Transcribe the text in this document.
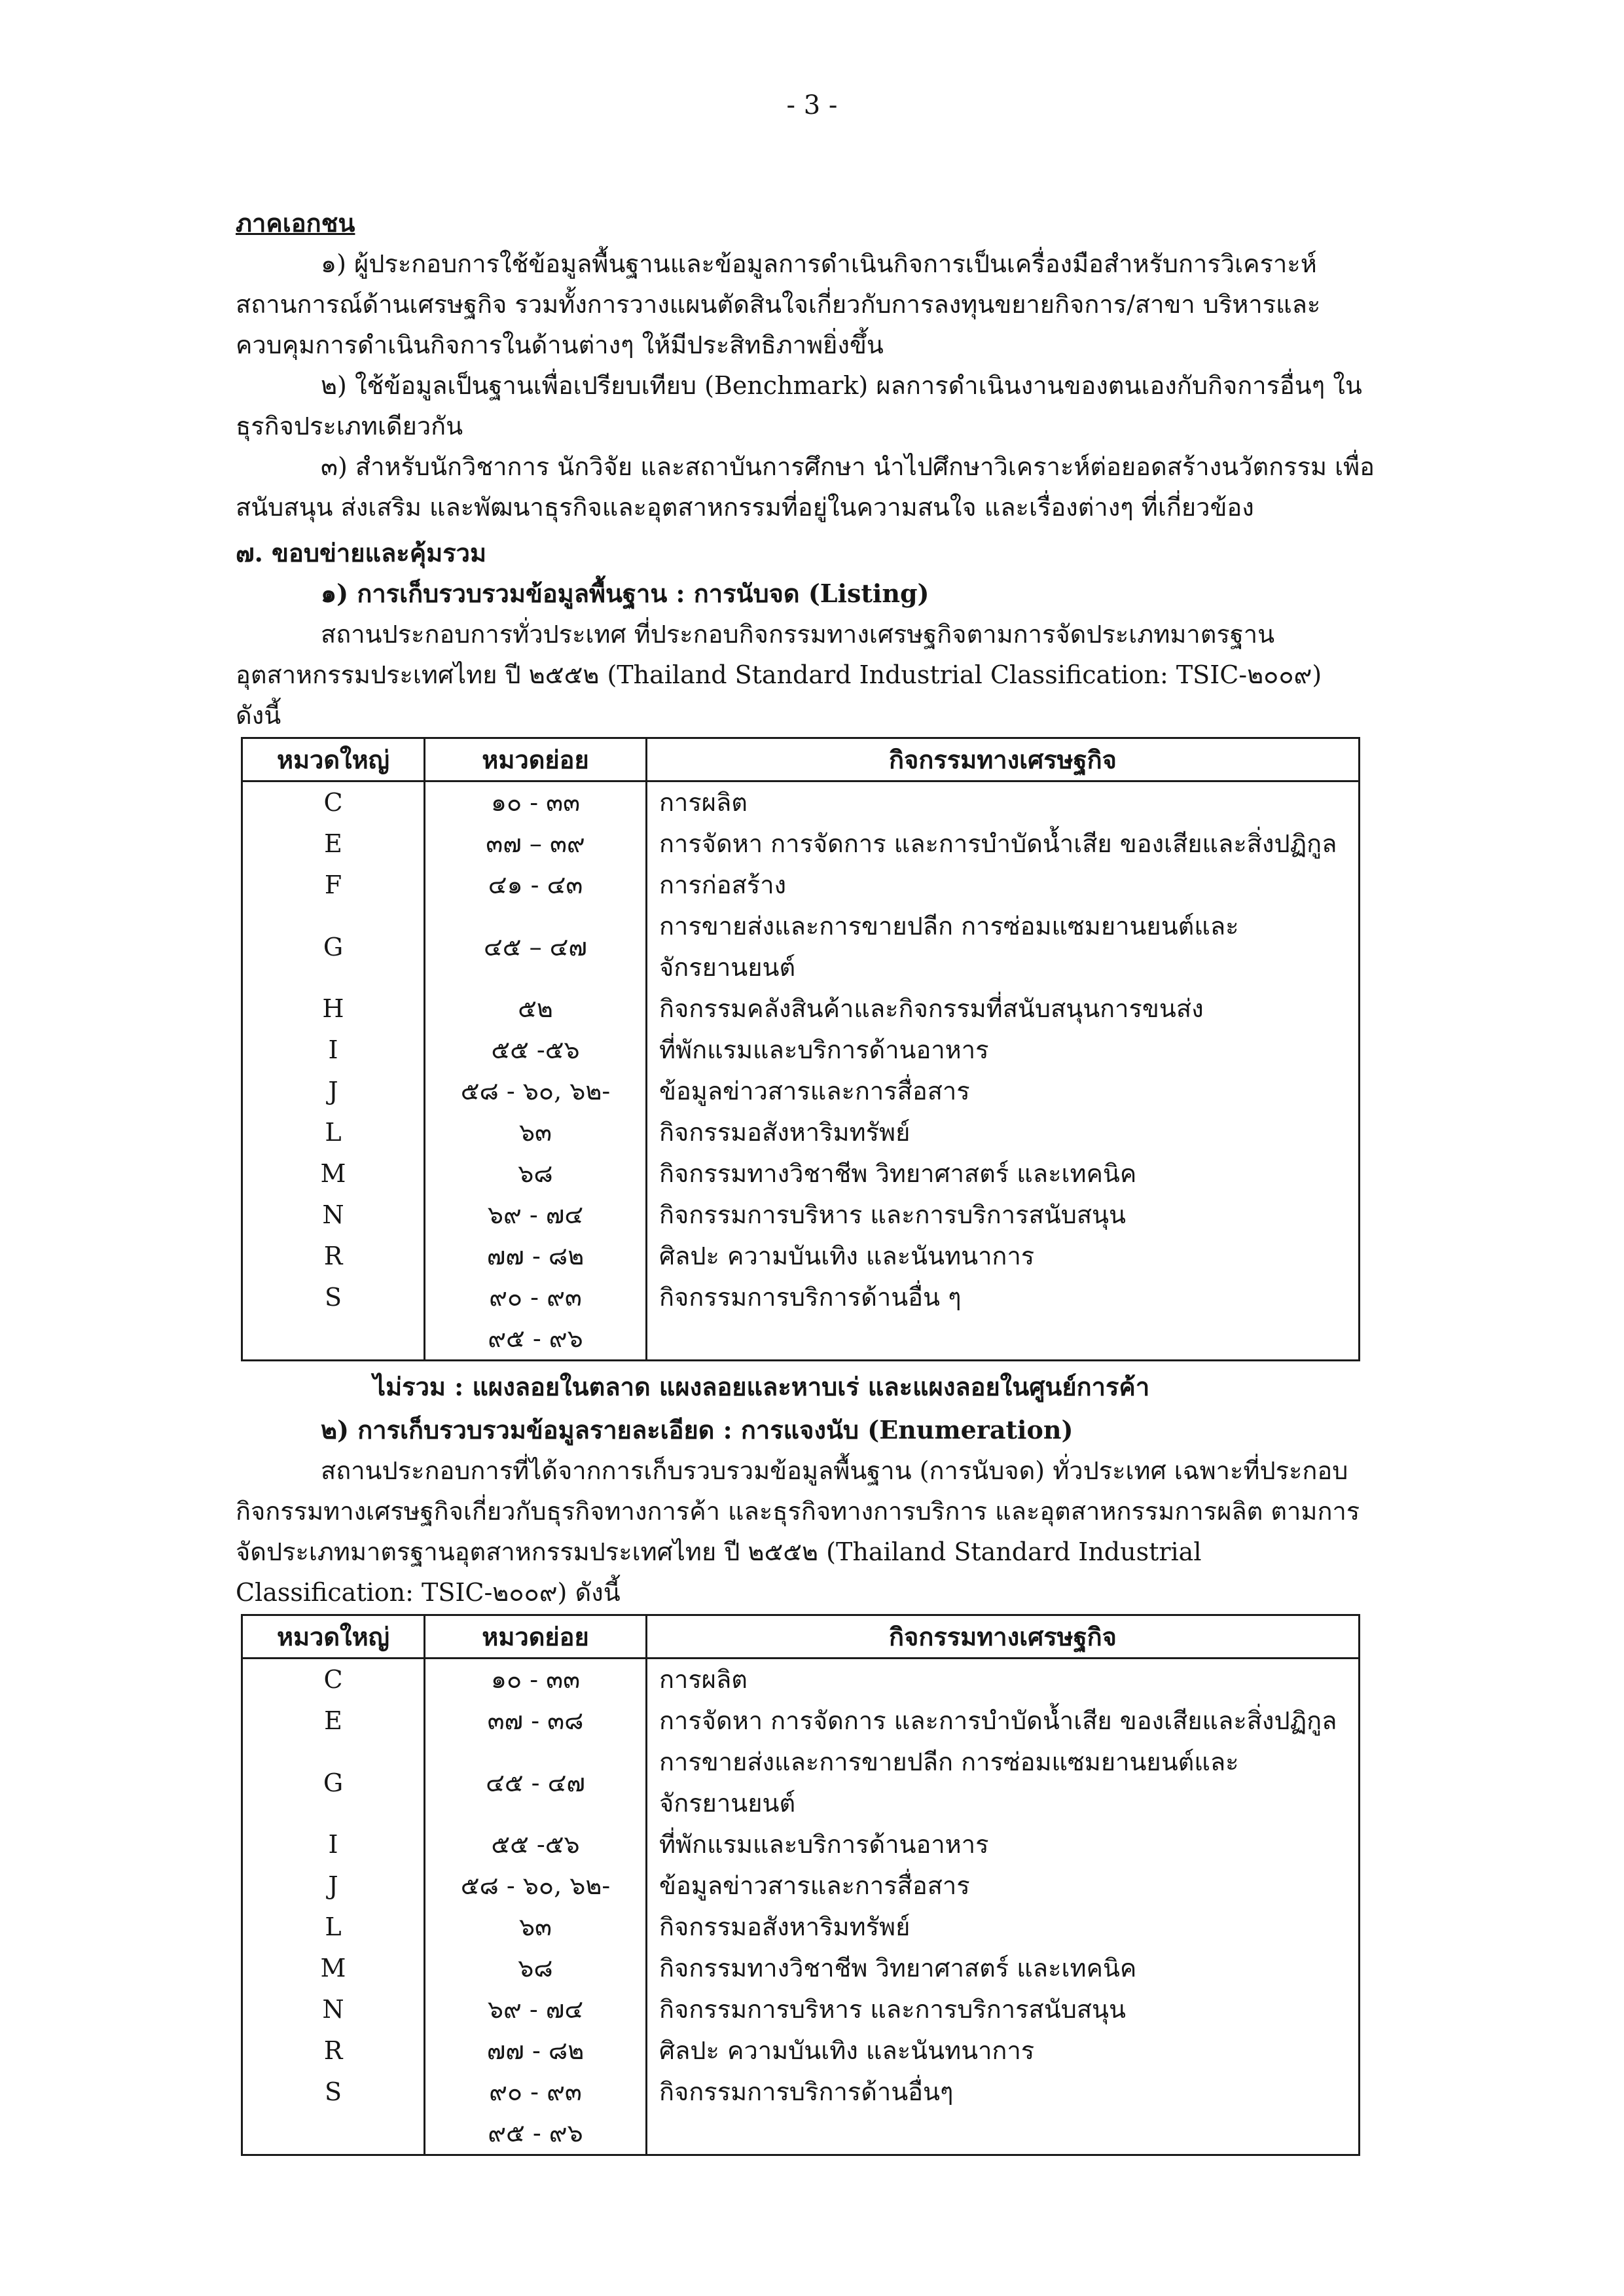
- 3 -
ภาคเอกชน

๑) ผู้ประกอบการใช้ข้อมูลพื้นฐานและข้อมูลการดำเนินกิจการเป็นเครื่องมือสำหรับการวิเคราะห์สถานการณ์ด้านเศรษฐกิจ รวมทั้งการวางแผนตัดสินใจเกี่ยวกับการลงทุนขยายกิจการ/สาขา บริหารและควบคุมการดำเนินกิจการในด้านต่างๆ ให้มีประสิทธิภาพยิ่งขึ้น

๒) ใช้ข้อมูลเป็นฐานเพื่อเปรียบเทียบ (Benchmark) ผลการดำเนินงานของตนเองกับกิจการอื่นๆ ในธุรกิจประเภทเดียวกัน

๓) สำหรับนักวิชาการ นักวิจัย และสถาบันการศึกษา นำไปศึกษาวิเคราะห์ต่อยอดสร้างนวัตกรรม เพื่อสนับสนุน ส่งเสริม และพัฒนาธุรกิจและอุตสาหกรรมที่อยู่ในความสนใจ และเรื่องต่างๆ ที่เกี่ยวข้อง

๗. ขอบข่ายและคุ้มรวม
๑) การเก็บรวบรวมข้อมูลพื้นฐาน : การนับจด (Listing)

สถานประกอบการทั่วประเทศ ที่ประกอบกิจกรรมทางเศรษฐกิจตามการจัดประเภทมาตรฐานอุตสาหกรรมประเทศไทย ปี ๒๕๕๒ (Thailand Standard Industrial Classification: TSIC-๒๐๐๙) ดังนี้

หมวดใหญ่	หมวดย่อย	กิจกรรมทางเศรษฐกิจ
C	๑๐ - ๓๓	การผลิต
E	๓๗ – ๓๙	การจัดหา การจัดการ และการบำบัดน้ำเสีย ของเสียและสิ่งปฏิกูล
F	๔๑ - ๔๓	การก่อสร้าง
G	๔๕ – ๔๗	การขายส่งและการขายปลีก การซ่อมแซมยานยนต์และจักรยานยนต์
H	๕๒	กิจกรรมคลังสินค้าและกิจกรรมที่สนับสนุนการขนส่ง
I	๕๕ -๕๖	ที่พักแรมและบริการด้านอาหาร
J	๕๘ - ๖๐, ๖๒-	ข้อมูลข่าวสารและการสื่อสาร
L	๖๓	กิจกรรมอสังหาริมทรัพย์
M	๖๘	กิจกรรมทางวิชาชีพ วิทยาศาสตร์ และเทคนิค
N	๖๙ - ๗๔	กิจกรรมการบริหาร และการบริการสนับสนุน
R	๗๗ - ๘๒	ศิลปะ ความบันเทิง และนันทนาการ
S	๙๐ - ๙๓	กิจกรรมการบริการด้านอื่น ๆ
	๙๕ - ๙๖	
ไม่รวม : แผงลอยในตลาด แผงลอยและหาบเร่ และแผงลอยในศูนย์การค้า
๒) การเก็บรวบรวมข้อมูลรายละเอียด : การแจงนับ (Enumeration)

สถานประกอบการที่ได้จากการเก็บรวบรวมข้อมูลพื้นฐาน (การนับจด) ทั่วประเทศ เฉพาะที่ประกอบกิจกรรมทางเศรษฐกิจเกี่ยวกับธุรกิจทางการค้า และธุรกิจทางการบริการ และอุตสาหกรรมการผลิต ตามการจัดประเภทมาตรฐานอุตสาหกรรมประเทศไทย ปี ๒๕๕๒ (Thailand Standard Industrial Classification: TSIC-๒๐๐๙) ดังนี้

หมวดใหญ่	หมวดย่อย	กิจกรรมทางเศรษฐกิจ
C	๑๐ - ๓๓	การผลิต
E	๓๗ - ๓๘	การจัดหา การจัดการ และการบำบัดน้ำเสีย ของเสียและสิ่งปฏิกูล
G	๔๕ - ๔๗	การขายส่งและการขายปลีก การซ่อมแซมยานยนต์และจักรยานยนต์
I	๕๕ -๕๖	ที่พักแรมและบริการด้านอาหาร
J	๕๘ - ๖๐, ๖๒-	ข้อมูลข่าวสารและการสื่อสาร
L	๖๓	กิจกรรมอสังหาริมทรัพย์
M	๖๘	กิจกรรมทางวิชาชีพ วิทยาศาสตร์ และเทคนิค
N	๖๙ - ๗๔	กิจกรรมการบริหาร และการบริการสนับสนุน
R	๗๗ - ๘๒	ศิลปะ ความบันเทิง และนันทนาการ
S	๙๐ - ๙๓	กิจกรรมการบริการด้านอื่นๆ
	๙๕ - ๙๖	
